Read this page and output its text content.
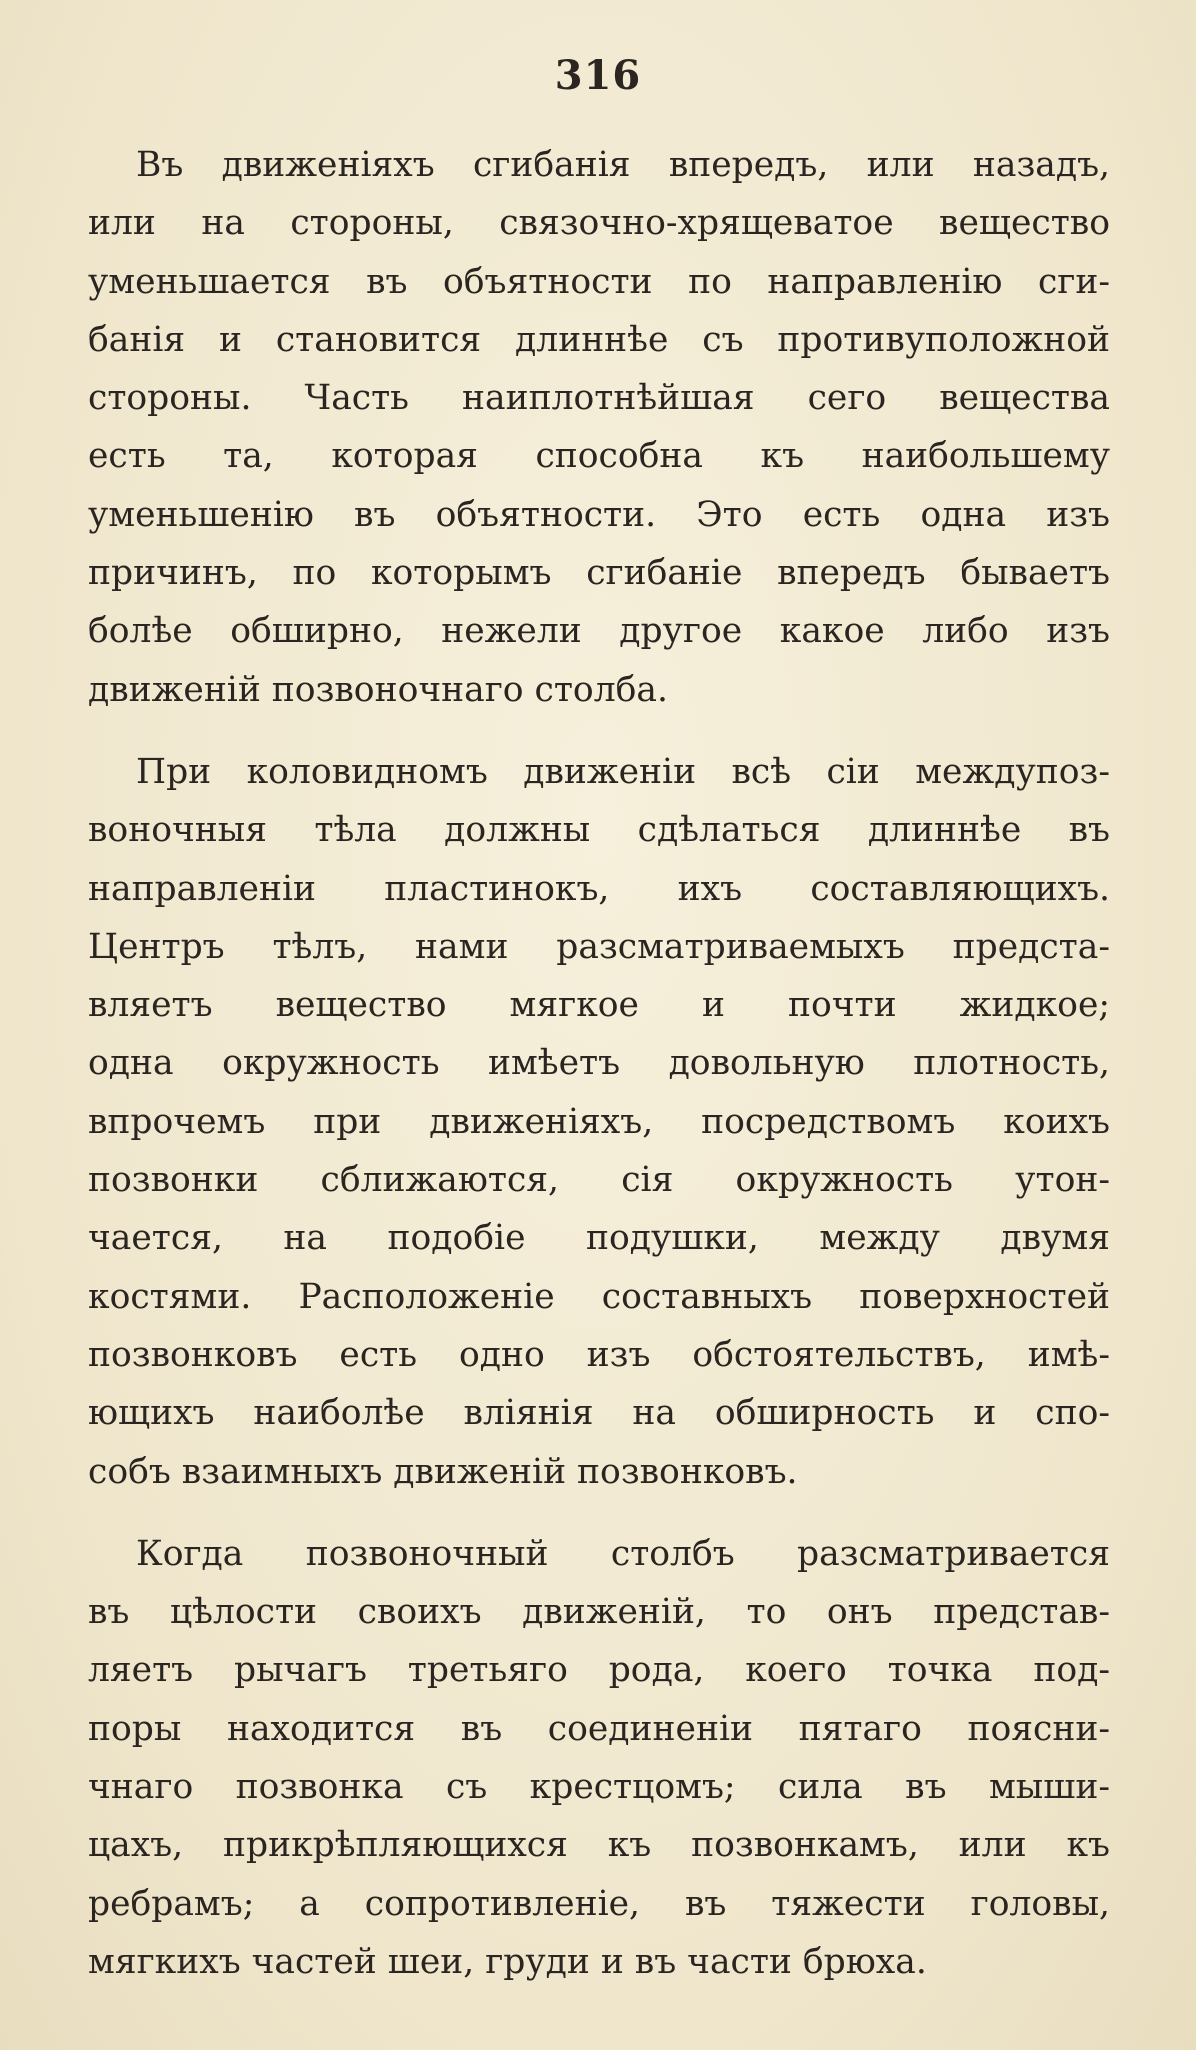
316

Въ движенiяхъ сгибанiя впередъ, или назадъ,
или на стороны, связочно-хрящеватое вещество
уменьшается въ объятности по направленiю сги-
банiя и становится длиннѣе съ противуположной
стороны. Часть наиплотнѣйшая сего вещества
есть та, которая способна къ наибольшему
уменьшенiю въ объятности. Это есть одна изъ
причинъ, по которымъ сгибанiе впередъ бываетъ
болѣе обширно, нежели другое какое либо изъ
движенiй позвоночнаго столба.

При коловидномъ движенiи всѣ сiи междупоз-
воночныя тѣла должны сдѣлаться длиннѣе въ
направленiи пластинокъ, ихъ составляющихъ.
Центръ тѣлъ, нами разсматриваемыхъ предста-
вляетъ вещество мягкое и почти жидкое;
одна окружность имѣетъ довольную плотность,
впрочемъ при движенiяхъ, посредствомъ коихъ
позвонки сближаются, сiя окружность утон-
чается, на подобiе подушки, между двумя
костями. Расположенiе составныхъ поверхностей
позвонковъ есть одно изъ обстоятельствъ, имѣ-
ющихъ наиболѣе влiянiя на обширность и спо-
собъ взаимныхъ движенiй позвонковъ.

Когда позвоночный столбъ разсматривается
въ цѣлости своихъ движенiй, то онъ представ-
ляетъ рычагъ третьяго рода, коего точка под-
поры находится въ соединенiи пятаго поясни-
чнаго позвонка съ крестцомъ; сила въ мыши-
цахъ, прикрѣпляющихся къ позвонкамъ, или къ
ребрамъ; а сопротивленiе, въ тяжести головы,
мягкихъ частей шеи, груди и въ части брюха.
